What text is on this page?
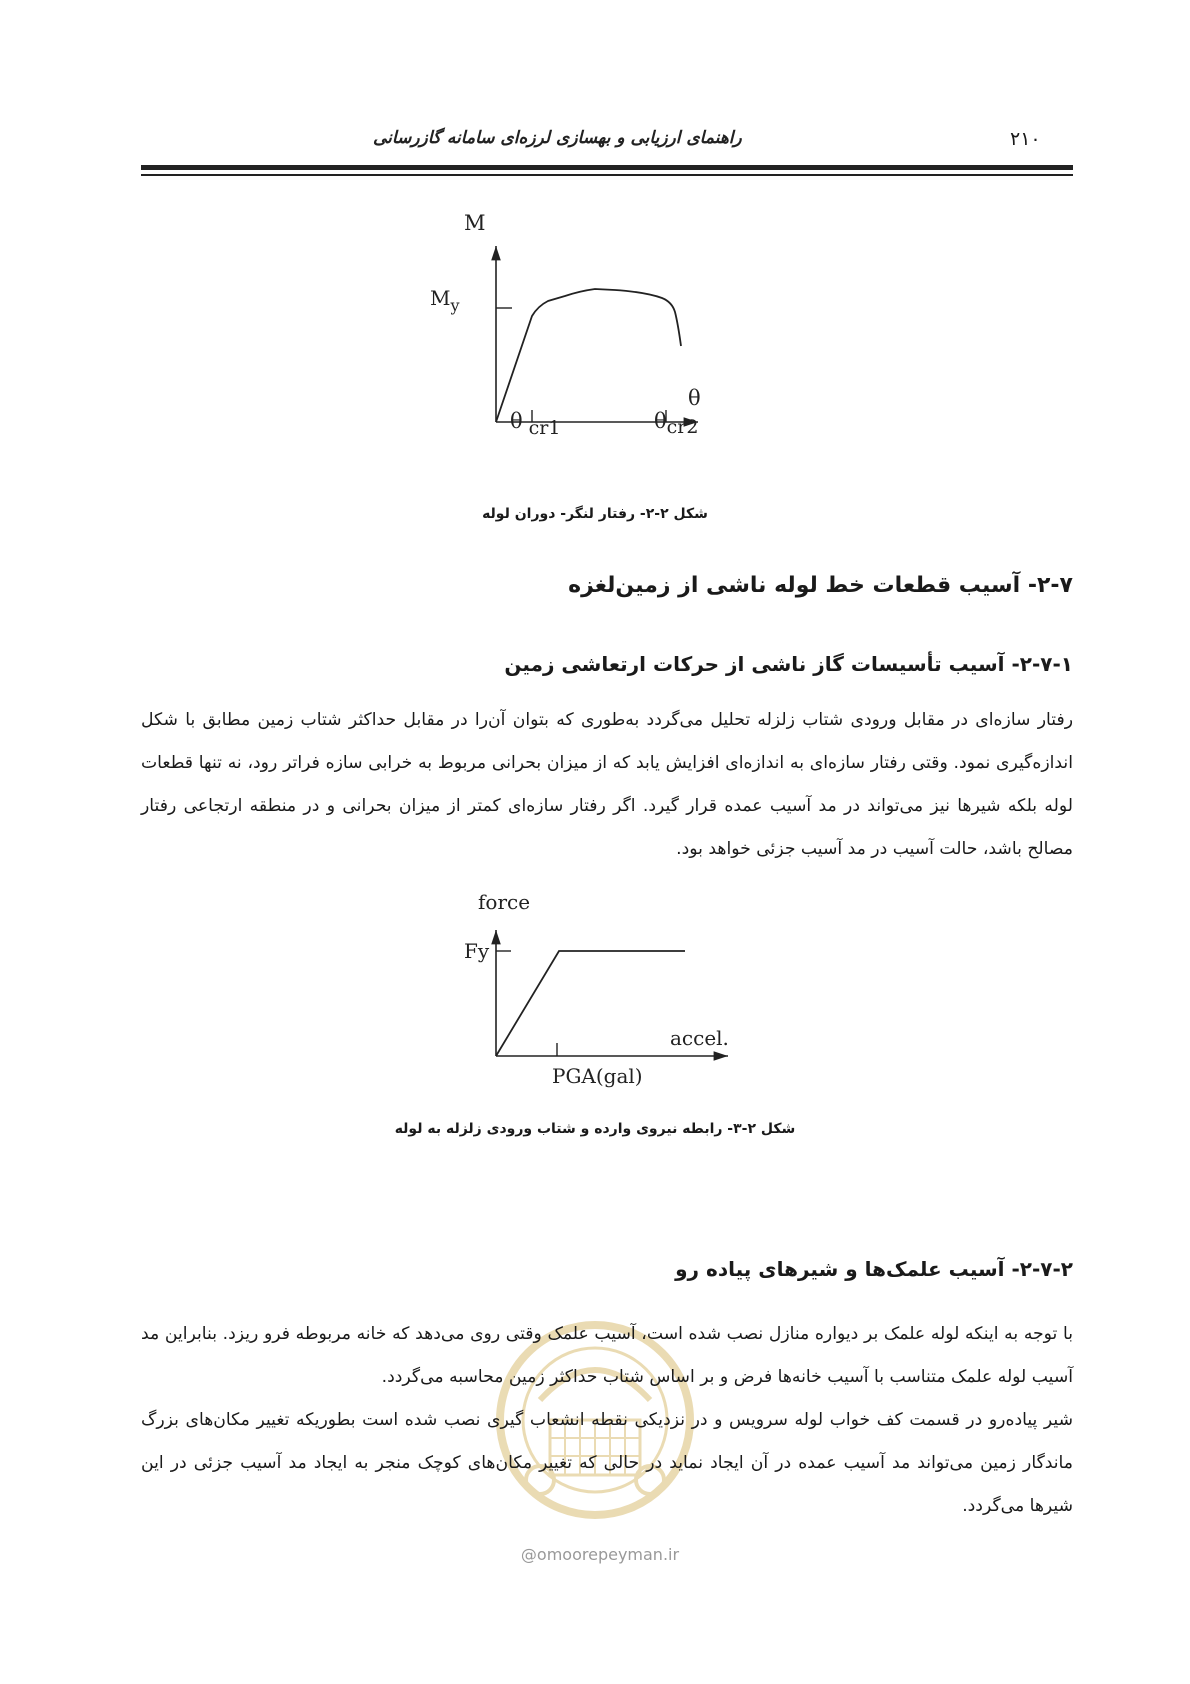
راهنمای ارزیابی و بهسازی لرزه‌ای سامانه گازرسانی	۲۱۰
M
$M_y$
θ
θ cr1	θcr2
شکل ۲-۲- رفتار لنگر- دوران لوله
۲-۷- آسیب قطعات خط لوله ناشی از زمین‌لغزه
۲-۷-۱- آسیب تأسیسات گاز ناشی از حرکات ارتعاشی زمین
رفتار سازه‌ای در مقابل ورودی شتاب زلزله تحلیل می‌گردد به‌طوری که بتوان آن‌را در مقابل حداکثر شتاب زمین مطابق با شکل اندازه‌گیری نمود. وقتی رفتار سازه‌ای به اندازه‌ای افزایش یابد که از میزان بحرانی مربوط به خرابی سازه فراتر رود، نه تنها قطعات لوله بلکه شیرها نیز می‌تواند در مد آسیب عمده قرار گیرد. اگر رفتار سازه‌ای کمتر از میزان بحرانی و در منطقه ارتجاعی رفتار مصالح باشد، حالت آسیب در مد آسیب جزئی خواهد بود.
force
Fy
accel.
PGA(gal)
شکل ۲-۳- رابطه نیروی وارده و شتاب ورودی زلزله به لوله
@omoorepeyman.ir
۲-۷-۲- آسیب علمک‌ها و شیرهای پیاده رو
با توجه به اینکه لوله علمک بر دیواره منازل نصب شده است، آسیب علمک وقتی روی می‌دهد که خانه مربوطه فرو ریزد. بنابراین مد آسیب لوله علمک متناسب با آسیب خانه‌ها فرض و بر اساس شتاب حداکثر زمین محاسبه می‌گردد.
شیر پیاده‌رو در قسمت کف خواب لوله سرویس و در نزدیکی نقطه انشعاب گیری نصب شده است بطوریکه تغییر مکان‌های بزرگ ماندگار زمین می‌تواند مد آسیب عمده در آن ایجاد نماید در حالی که تغییر مکان‌های کوچک منجر به ایجاد مد آسیب جزئی در این شیرها می‌گردد.
